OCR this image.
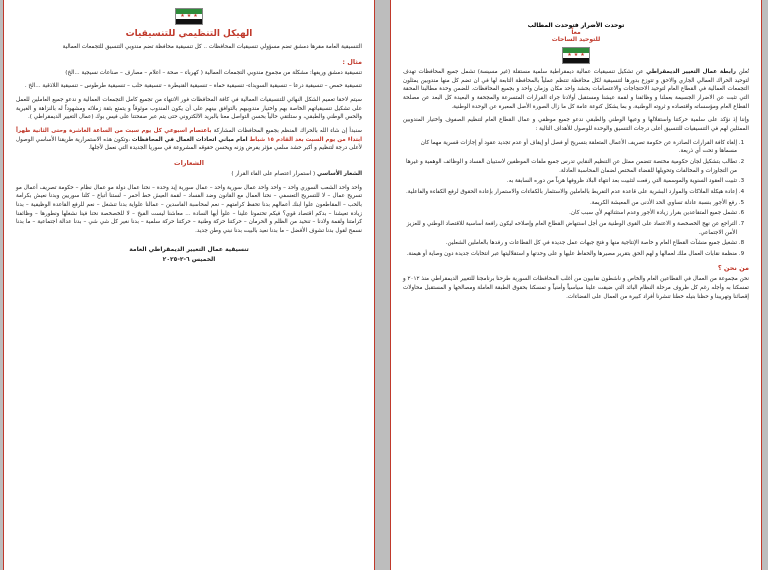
★
★
★
الهيكل التنظيمي للتنسيقيات

التنسيقية العامة مقرها دمشق تضم مسؤولي تنسيقيات المحافظات .. كل تنسيقية محافظة تضم مندوبي التنسيق للتجمعات العمالية

مثال :

تنسيقية دمشق وريفها: مشكلة من مجموع مندوبي التجمعات العمالية ( كهرباء – صحة – اعلام – مصارف – صناعات نسيجية ...الخ)

تنسيقية حمص – تنسيقية درعا – تنسيقية السويداء- تنسيقية حماة – تنسيقية القنيطرة – تنسيقية حلب – تنسيقية طرطوس – تنسيقية اللاذقية ...الخ .

سيتم لاحقا تعميم الشكل النهائي للتنسيقيات العمالية في كافة المحافظات فور الانتهاء من تجميع كامل التجمعات العمالية و ندعو جميع العاملين للعمل على تشكيل تنسيقياتهم الخاصة بهم واختيار مندوبيهم بالتوافق بينهم على أن يكون المندوب موثوقاً و يتمتع بثقة زملائه ومشهوداً له بالنزاهة و الغيرية والحس الوطني والطبقي، و ستلتقي حالياً بحسن التواصل معنا بالبريد الالكتروني حتى يتم عبر صفحتنا على فيس بوك (عمال التغيير الديمقراطي ).

سنبدأ إن شاء الله بالحراك المنظم بجميع المحافظات المشاركة باعتصام اسبوعي كل يوم سبت من الساعة العاشرة وحتى الثانية ظهراً ابتداءً من يوم السبت بعد القادم ١٥ شباط امام مباني اتحادات العمال في المحافظات ،وتكون هذه الاستمرارية طريقنا الأساسي الوصول لأعلى درجة لتنظيم و أكبر حشد سلمي مؤثر يفرض وزنه ويحسن حقوقه المشروعة في سوريا الجديدة التي نعمل لأجلها.

الشعارات

الشعار الأساسي ( استمرار اعتصام على الفاء القرار )

واحد واحد الشعب السوري واحد – واحد واحد عمال سورية واحد – عمال سورية إيد وحدة – نحنا عمال دولة مو عمال نظام – حكومة تصريف أعمال مو تسريح عمال – لا للتسريح التعسفي – نحنا العمال مع القانون وضد الفساد – لقمة العيش خط أحمر – لستنا أتباع – كلنا سوريين وبدنا نعيش بكرامة بالحب – المقاطعون علوا ابنك أعمالهم بدنا تحفظ كرامتهم – نعم لمحاسبة الفاسدين – عمالنا علواية بدنا تنشغل – نعم للرفع القاعدة الوظيفية – بدنا زيادة تعيشنا – بدكم اقتصاد قوي؟ فيكم تحتمونا علينا – علوأ أيها السادة ... معاشنا ليست الفيخ – لا للخصخصة نحنا فينا نشغلها ونطورها – وظائفنا كرامتنا ولقمة ولادنا – تنحيد من الظلم و الحرمان – حركتنا حركة وطنية – حركتنا حركة سلمية – بدنا نغير كل شي شي – بدنا عدالة اجتماعية – ما بدنا نسمح لقول بدنا تشوف الأفضل – ما بدنا نعيد بالبيت بدنا نبني وطن جديد.

تنسيقية عمال التغيير الديمقراطي العامة
الخميس ٦-٢-٢٠٢٥
توحدت الأضرار فتوحدت المطالب
معاً
للتوحيد الساحات
★
★
★

نُعلن رابطة عمال التغيير الديمقراطي عن تشكيل تنسيقيات عمالية ديمقراطية سلمية مستقلة (غير مسيسة) تشمل جميع المحافظات تهدف لتوحيد الحراك العمالي الجاري والاحق و تتوزع بدورها لتنسيقية لكل محافظة تنتظم عملياً بالمحافظة التابعة لها في ان تضم كل منها مندوبين يمثلون التجمعات العمالية في القطاع العام لتوحيد الاحتجاجات والاعتصامات بحشد واحد مكان وزمان واحد و بجميع المحافظات. للضمن وحدة مطالبنا المحقة التي تثبت عن الاضرار الجسيمة بعملنا و وظائفنا و لقمة عيشنا ومستقبل أولادنا جراء القرارات المتسرعة والمجحفة و البعيدة كل البعد عن مصلحة القطاع العام ومؤسساته واقتصاده و ثروته الوطنية، و بما يشكل كنوعة عامة كل ما زال الصورة الأصل المعبرة عن الوحدة الوطنية.

وإننا إذ نؤكد على سلمية حركتنا واستقلالها و وعيها الوطني والطبقي ندعو جميع موظفي و عمال القطاع العام لتنظيم الصفوف واختيار المندوبين الممثلين لهم في التنسيقيات للتنسيق أعلى درجات التنسيق والوحدة للوصول للأهداف التالية :

1. إلغاء كافة القرارات الصادرة عن حكومة تصريف الأعمال المتعلقة بتسريح أو فصل أو إيقاف أو عدم تجديد عقود أو إجازات قسرية مهما كان مسماها و تحت أي ذريعة.
2. تطالب بتشكيل لجان حكومية مختصة تتضمن ممثل عن التنظيم النقابي تدرس جميع ملفات الموظفين لاستبيان الفساد و الوظائف الوهمية و غيرها من التجاوزات و المخالفات وتحويلها للقضاء المختص لضمان المحاسبة العادلة.
3. تثبيت العقود السنوية والموسمية التي رفعت لتثبيت بعد انتهاء البلاد ظروفها هرباً من دوره السابقة به.
4. إعادة هيكلة الملاكات والموارد البشرية على قاعدة عدم التفريط بالعاملين والاستثمار بالكفاءات والاستمرار بإعادة الحقوق لرفع الكفاءة والفاعلية.
5. رفع الأجور بنسبة عادلة تساوي الحد الأدنى من المعيشة الكريمة.
6. تشمل جميع المتقاعدين بقرار زيادة الأجور وعدم استثنائهم لأي سبب كان.
7. التراجع عن نهج الخصخصة و الاعتماد على القوى الوطنية من أجل استنهاض القطاع العام وإصلاحه ليكون رافعة أساسية للاقتصاد الوطني و للعزيز الأمن الاجتماعي.
8. تشغيل جميع منشآت القطاع العام و خاصة الإنتاجية منها و فتح جبهات عمل جديدة في كل القطاعات و رفدها بالعاملين الشعلين.
9. منظمة نقابات العمال ملك لعمالها و لهم الحق بتقرير مصيرها والحفاظ عليها و على وحدتها و استقلاليتها عبر انتخابات جديدة دون وصاية أو هيمنة.
من نحن ؟

نحن مجموعة من العمال في القطاعين العام والخاص و ناشطون نقابيون من أغلب المحافظات السورية طرحنا برنامجنا للتغيير الديمقراطي منذ ٢٠١٢ و تمسكنا به وأجله رغم كل ظروف مرحلة النظام البائد التي ضيقت علينا سياسياً وأمنياً و تمسكنا بحقوق الطبقة العاملة ومصالحها و المستقبل محاولات إقصائنا وتهريبنا و حظنا بنيله خطنا تنشرنا أفراد كبيرة من العمال على الفضاءات.
